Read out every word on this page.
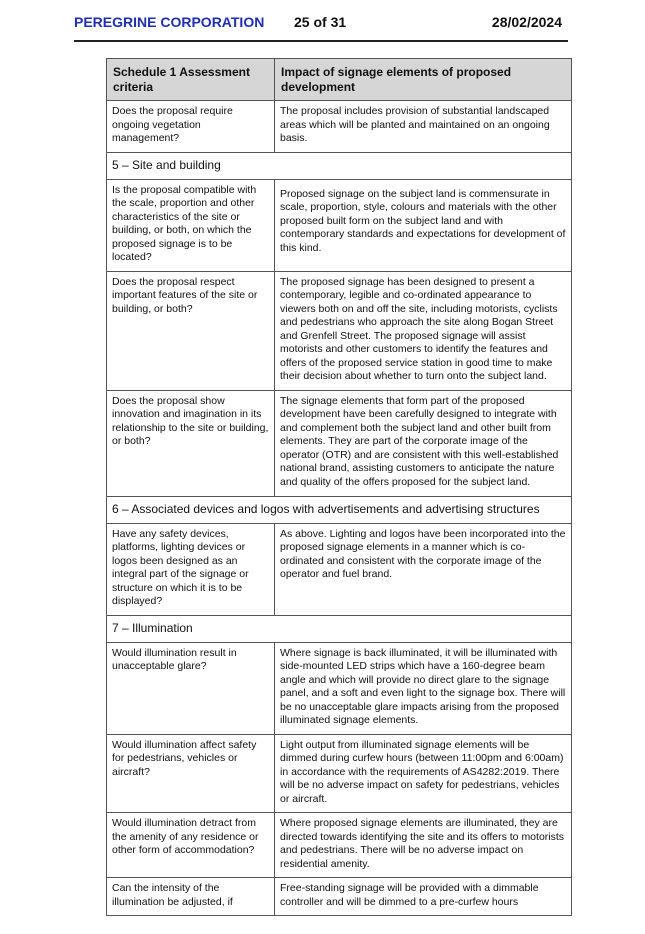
PEREGRINE CORPORATION 25 of 31	28/02/2024
Schedule 1 Assessment criteria	Impact of signage elements of proposed development
Does the proposal require ongoing vegetation management?	The proposal includes provision of substantial landscaped areas which will be planted and maintained on an ongoing basis.
5 – Site and building	
Is the proposal compatible with the scale, proportion and other characteristics of the site or building, or both, on which the proposed signage is to be located?	Proposed signage on the subject land is commensurate in scale, proportion, style, colours and materials with the other proposed built form on the subject land and with contemporary standards and expectations for development of this kind.
Does the proposal respect important features of the site or building, or both?	The proposed signage has been designed to present a contemporary, legible and co-ordinated appearance to viewers both on and off the site, including motorists, cyclists and pedestrians who approach the site along Bogan Street and Grenfell Street. The proposed signage will assist motorists and other customers to identify the features and offers of the proposed service station in good time to make their decision about whether to turn onto the subject land.
Does the proposal show innovation and imagination in its relationship to the site or building, or both?	The signage elements that form part of the proposed development have been carefully designed to integrate with and complement both the subject land and other built from elements. They are part of the corporate image of the operator (OTR) and are consistent with this well-established national brand, assisting customers to anticipate the nature and quality of the offers proposed for the subject land.
6 – Associated devices and logos with advertisements and advertising structures	
Have any safety devices, platforms, lighting devices or logos been designed as an integral part of the signage or structure on which it is to be displayed?	As above. Lighting and logos have been incorporated into the proposed signage elements in a manner which is co-ordinated and consistent with the corporate image of the operator and fuel brand.
7 – Illumination	
Would illumination result in unacceptable glare?	Where signage is back illuminated, it will be illuminated with side-mounted LED strips which have a 160-degree beam angle and which will provide no direct glare to the signage panel, and a soft and even light to the signage box. There will be no unacceptable glare impacts arising from the proposed illuminated signage elements.
Would illumination affect safety for pedestrians, vehicles or aircraft?	Light output from illuminated signage elements will be dimmed during curfew hours (between 11:00pm and 6:00am) in accordance with the requirements of AS4282:2019. There will be no adverse impact on safety for pedestrians, vehicles or aircraft.
Would illumination detract from the amenity of any residence or other form of accommodation?	Where proposed signage elements are illuminated, they are directed towards identifying the site and its offers to motorists and pedestrians. There will be no adverse impact on residential amenity.
Can the intensity of the illumination be adjusted, if	Free-standing signage will be provided with a dimmable controller and will be dimmed to a pre-curfew hours
